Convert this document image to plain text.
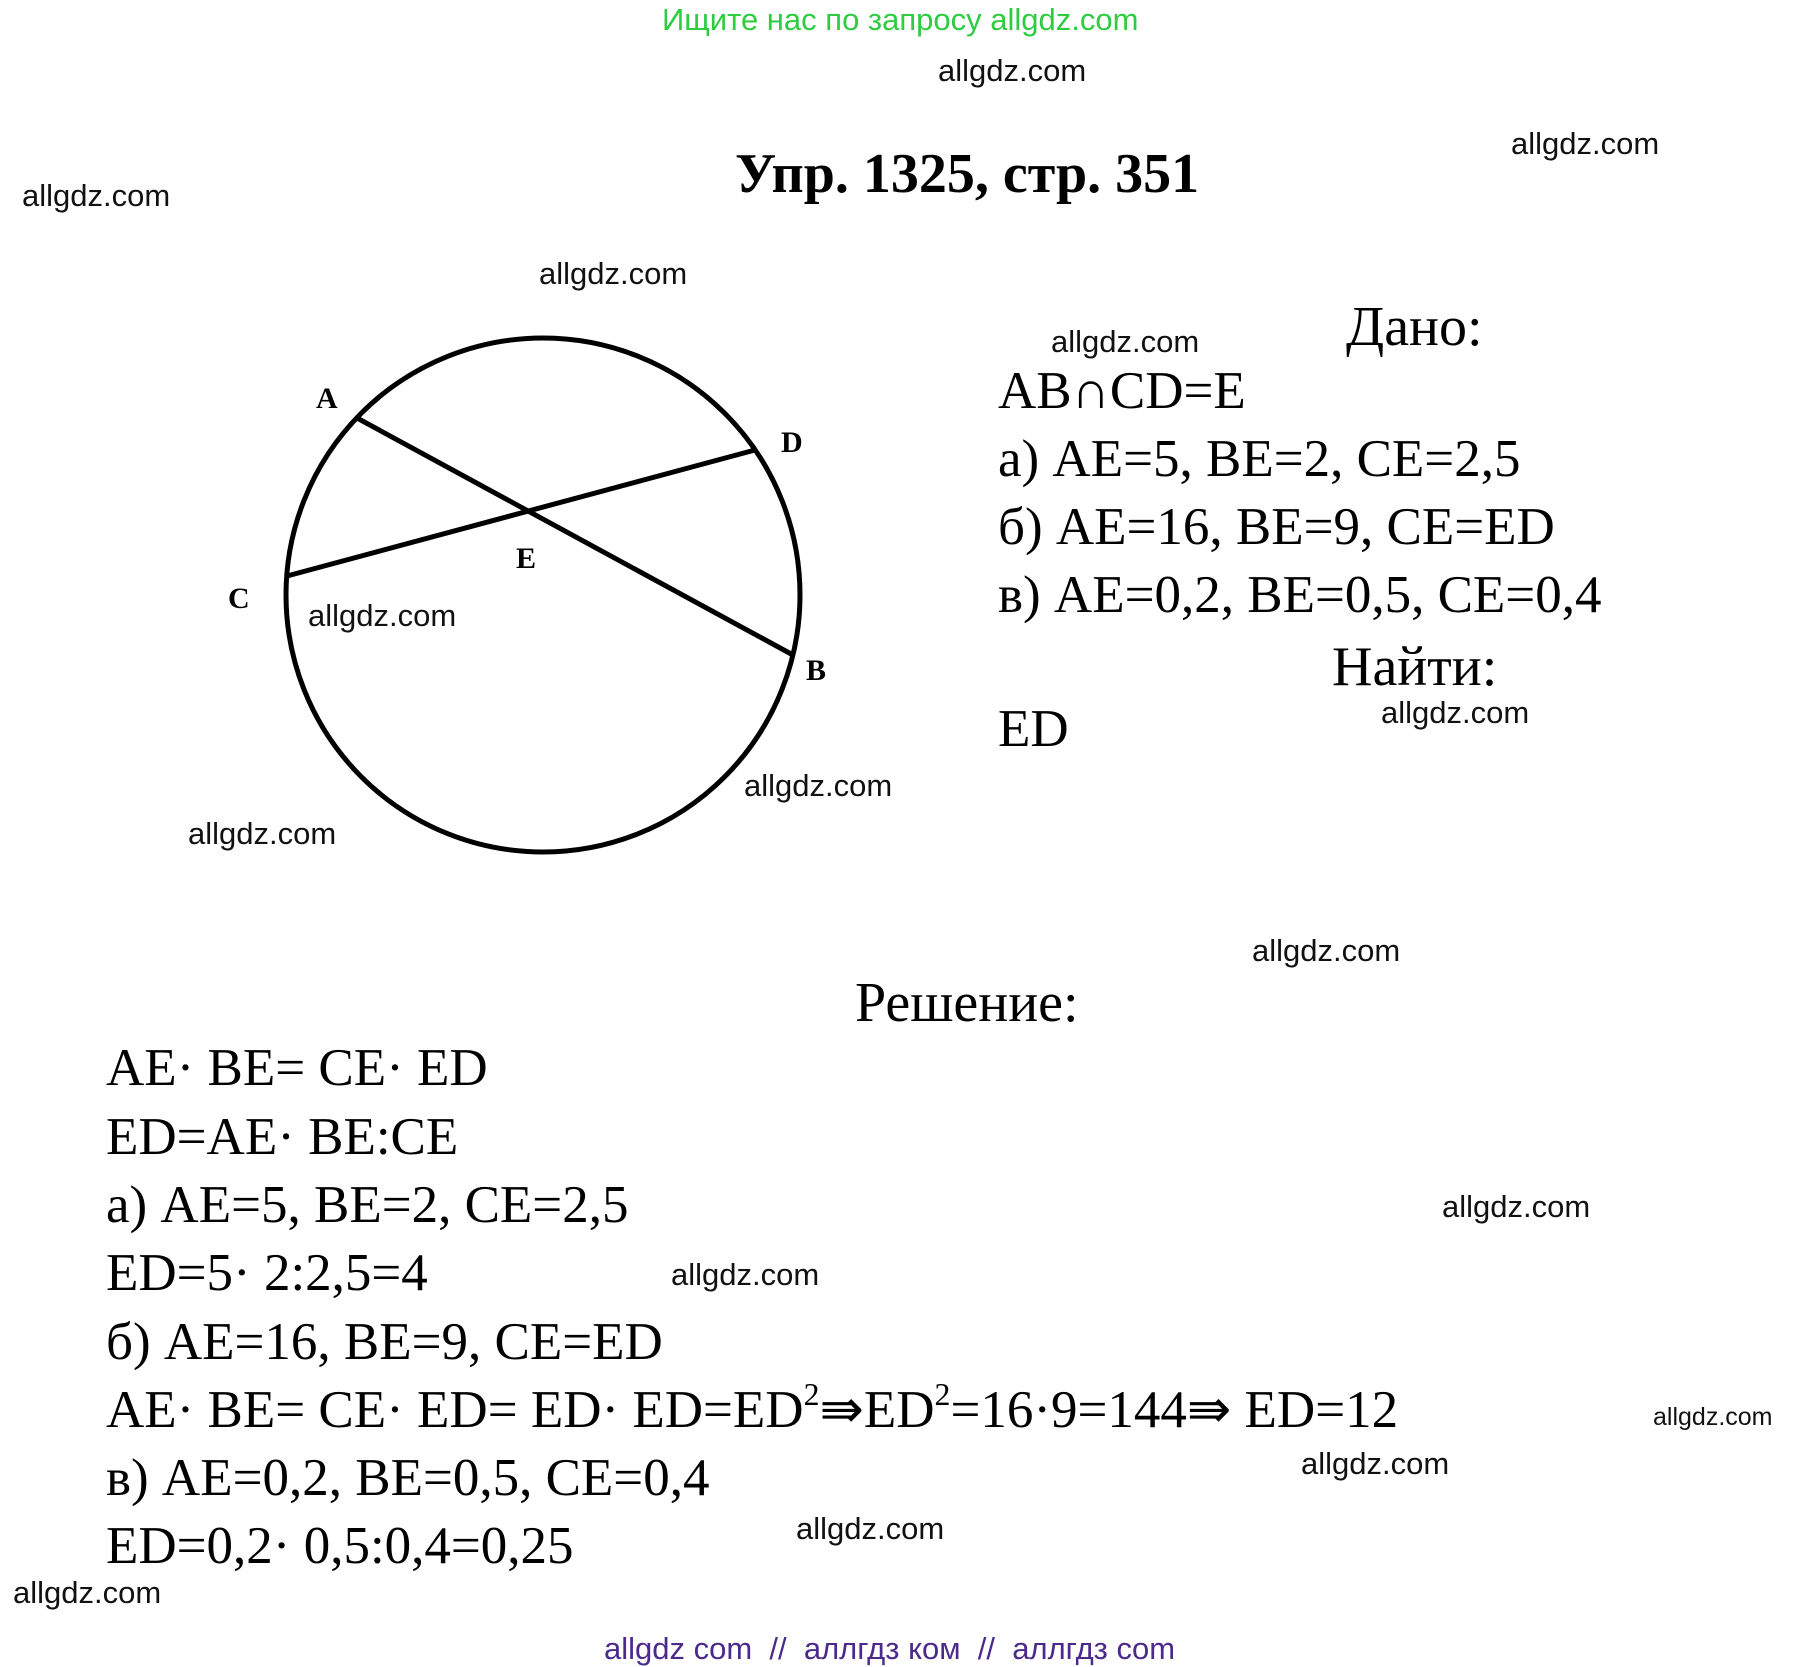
Ищите нас по запросу allgdz.com
allgdz.com
allgdz.com
allgdz.com
allgdz.com
allgdz.com
allgdz.com
allgdz.com
allgdz.com
allgdz.com
allgdz.com
allgdz.com
allgdz.com
allgdz.com
allgdz.com
allgdz.com
allgdz.com
Упр. 1325, стр. 351
A
D
C
E
B
Дано:
AB∩CD=E
а) AE=5, BE=2, CE=2,5
б) AE=16, BE=9, CE=ED
в) AE=0,2, BE=0,5, CE=0,4
Найти:
ED
Решение:
AE· BE= CE· ED
ED=AE· BE:CE
а) AE=5, BE=2, CE=2,5
ED=5· 2:2,5=4
б) AE=16, BE=9, CE=ED
$AE\cdot BE= CE\cdot ED= ED\cdot ED=ED^2⇛ED^2=16\cdot 9=144⇛$ ED=12
в) AE=0,2, BE=0,5, CE=0,4
ED=0,2· 0,5:0,4=0,25
allgdz com  //  аллгдз ком  //  аллгдз com
